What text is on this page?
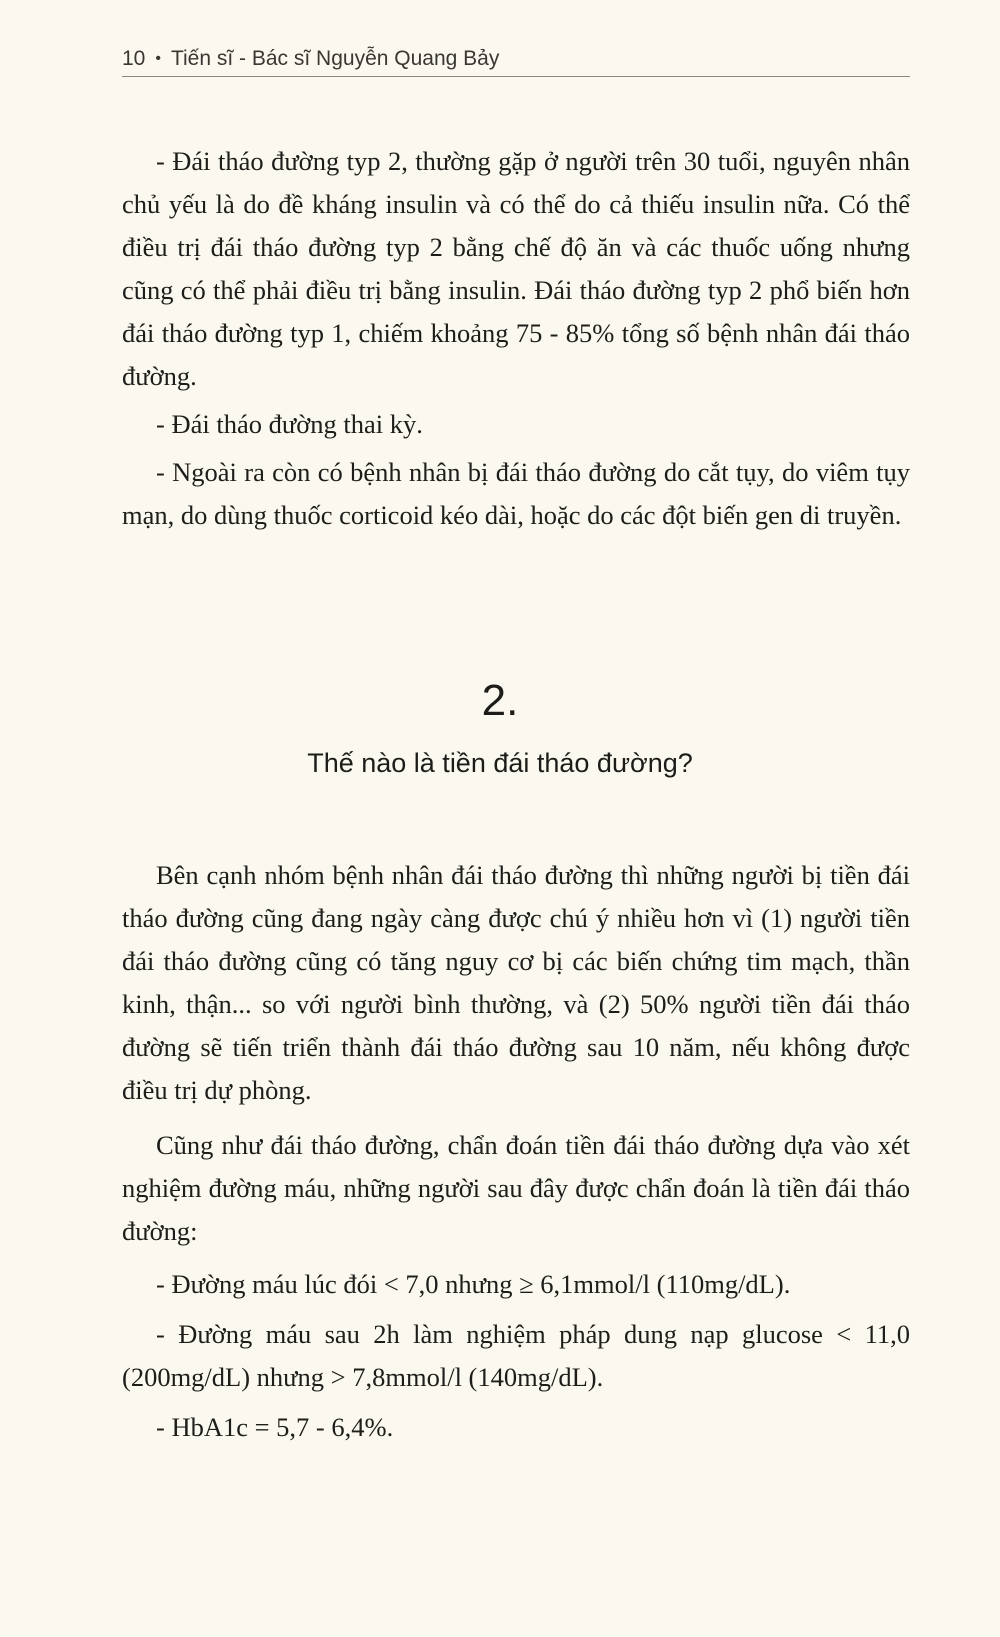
10 • Tiến sĩ - Bác sĩ Nguyễn Quang Bảy

- Đái tháo đường typ 2, thường gặp ở người trên 30 tuổi, nguyên nhân chủ yếu là do đề kháng insulin và có thể do cả thiếu insulin nữa. Có thể điều trị đái tháo đường typ 2 bằng chế độ ăn và các thuốc uống nhưng cũng có thể phải điều trị bằng insulin. Đái tháo đường typ 2 phổ biến hơn đái tháo đường typ 1, chiếm khoảng 75 - 85% tổng số bệnh nhân đái tháo đường.

- Đái tháo đường thai kỳ.

- Ngoài ra còn có bệnh nhân bị đái tháo đường do cắt tụy, do viêm tụy mạn, do dùng thuốc corticoid kéo dài, hoặc do các đột biến gen di truyền.

2.
Thế nào là tiền đái tháo đường?

Bên cạnh nhóm bệnh nhân đái tháo đường thì những người bị tiền đái tháo đường cũng đang ngày càng được chú ý nhiều hơn vì (1) người tiền đái tháo đường cũng có tăng nguy cơ bị các biến chứng tim mạch, thần kinh, thận... so với người bình thường, và (2) 50% người tiền đái tháo đường sẽ tiến triển thành đái tháo đường sau 10 năm, nếu không được điều trị dự phòng.

Cũng như đái tháo đường, chẩn đoán tiền đái tháo đường dựa vào xét nghiệm đường máu, những người sau đây được chẩn đoán là tiền đái tháo đường:

- Đường máu lúc đói < 7,0 nhưng ≥ 6,1mmol/l (110mg/dL).

- Đường máu sau 2h làm nghiệm pháp dung nạp glucose < 11,0 (200mg/dL) nhưng > 7,8mmol/l (140mg/dL).

- HbA1c = 5,7 - 6,4%.
